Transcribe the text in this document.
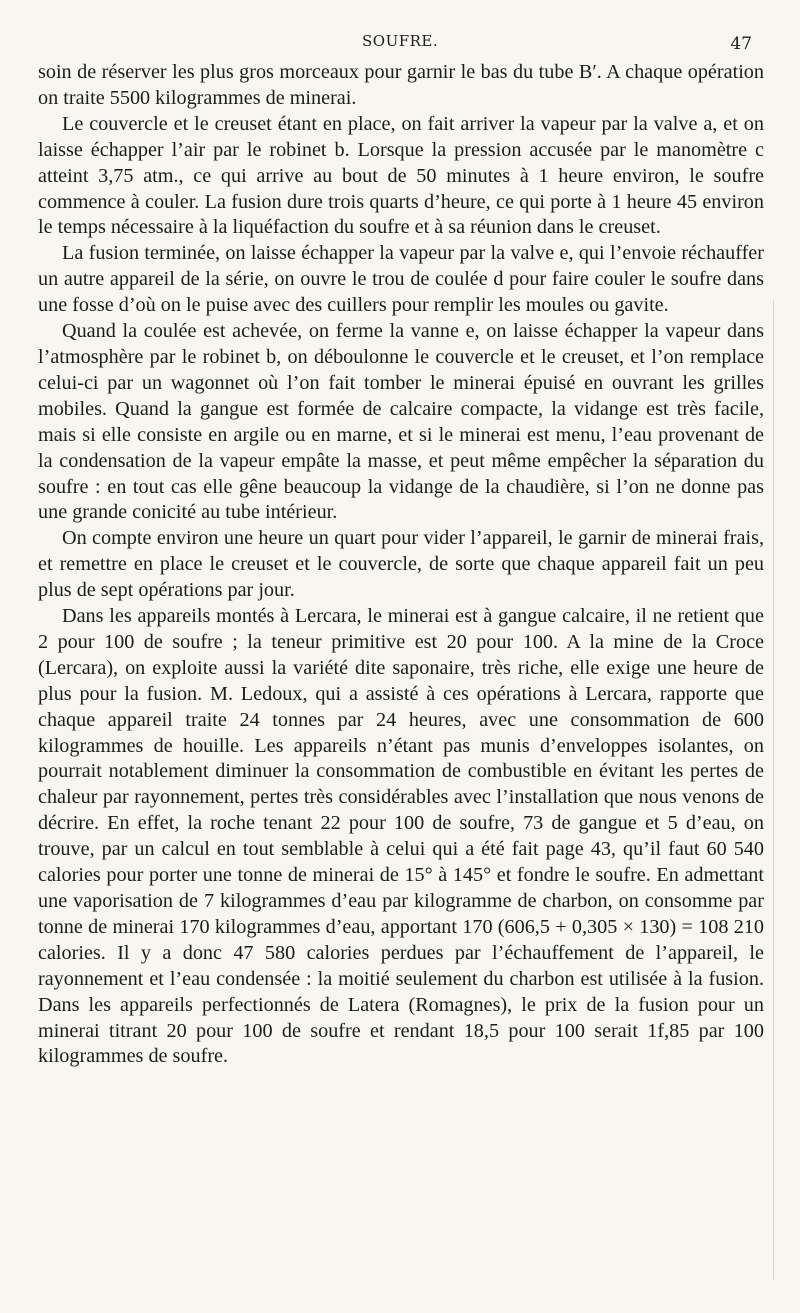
SOUFRE.	47

soin de réserver les plus gros morceaux pour garnir le bas du tube B′. A chaque opération on traite 5500 kilogrammes de minerai.

Le couvercle et le creuset étant en place, on fait arriver la vapeur par la valve a, et on laisse échapper l’air par le robinet b. Lorsque la pression accusée par le manomètre c atteint 3,75 atm., ce qui arrive au bout de 50 minutes à 1 heure environ, le soufre commence à couler. La fusion dure trois quarts d’heure, ce qui porte à 1 heure 45 environ le temps nécessaire à la liquéfaction du soufre et à sa réunion dans le creuset.

La fusion terminée, on laisse échapper la vapeur par la valve e, qui l’envoie réchauffer un autre appareil de la série, on ouvre le trou de coulée d pour faire couler le soufre dans une fosse d’où on le puise avec des cuillers pour remplir les moules ou gavite.

Quand la coulée est achevée, on ferme la vanne e, on laisse échapper la vapeur dans l’atmosphère par le robinet b, on déboulonne le couvercle et le creuset, et l’on remplace celui-ci par un wagonnet où l’on fait tomber le minerai épuisé en ouvrant les grilles mobiles. Quand la gangue est formée de calcaire compacte, la vidange est très facile, mais si elle consiste en argile ou en marne, et si le minerai est menu, l’eau provenant de la condensation de la vapeur empâte la masse, et peut même empêcher la séparation du soufre : en tout cas elle gêne beaucoup la vidange de la chaudière, si l’on ne donne pas une grande conicité au tube intérieur.

On compte environ une heure un quart pour vider l’appareil, le garnir de minerai frais, et remettre en place le creuset et le couvercle, de sorte que chaque appareil fait un peu plus de sept opérations par jour.

Dans les appareils montés à Lercara, le minerai est à gangue calcaire, il ne retient que 2 pour 100 de soufre ; la teneur primitive est 20 pour 100. A la mine de la Croce (Lercara), on exploite aussi la variété dite saponaire, très riche, elle exige une heure de plus pour la fusion. M. Ledoux, qui a assisté à ces opérations à Lercara, rapporte que chaque appareil traite 24 tonnes par 24 heures, avec une consommation de 600 kilogrammes de houille. Les appareils n’étant pas munis d’enveloppes isolantes, on pourrait notablement diminuer la consommation de combustible en évitant les pertes de chaleur par rayonnement, pertes très considérables avec l’installation que nous venons de décrire. En effet, la roche tenant 22 pour 100 de soufre, 73 de gangue et 5 d’eau, on trouve, par un calcul en tout semblable à celui qui a été fait page 43, qu’il faut 60 540 calories pour porter une tonne de minerai de 15° à 145° et fondre le soufre. En admettant une vaporisation de 7 kilogrammes d’eau par kilogramme de charbon, on consomme par tonne de minerai 170 kilogrammes d’eau, apportant 170 (606,5 + 0,305 × 130) = 108 210 calories. Il y a donc 47 580 calories perdues par l’échauffement de l’appareil, le rayonnement et l’eau condensée : la moitié seulement du charbon est utilisée à la fusion. Dans les appareils perfectionnés de Latera (Romagnes), le prix de la fusion pour un minerai titrant 20 pour 100 de soufre et rendant 18,5 pour 100 serait 1f,85 par 100 kilogrammes de soufre.
